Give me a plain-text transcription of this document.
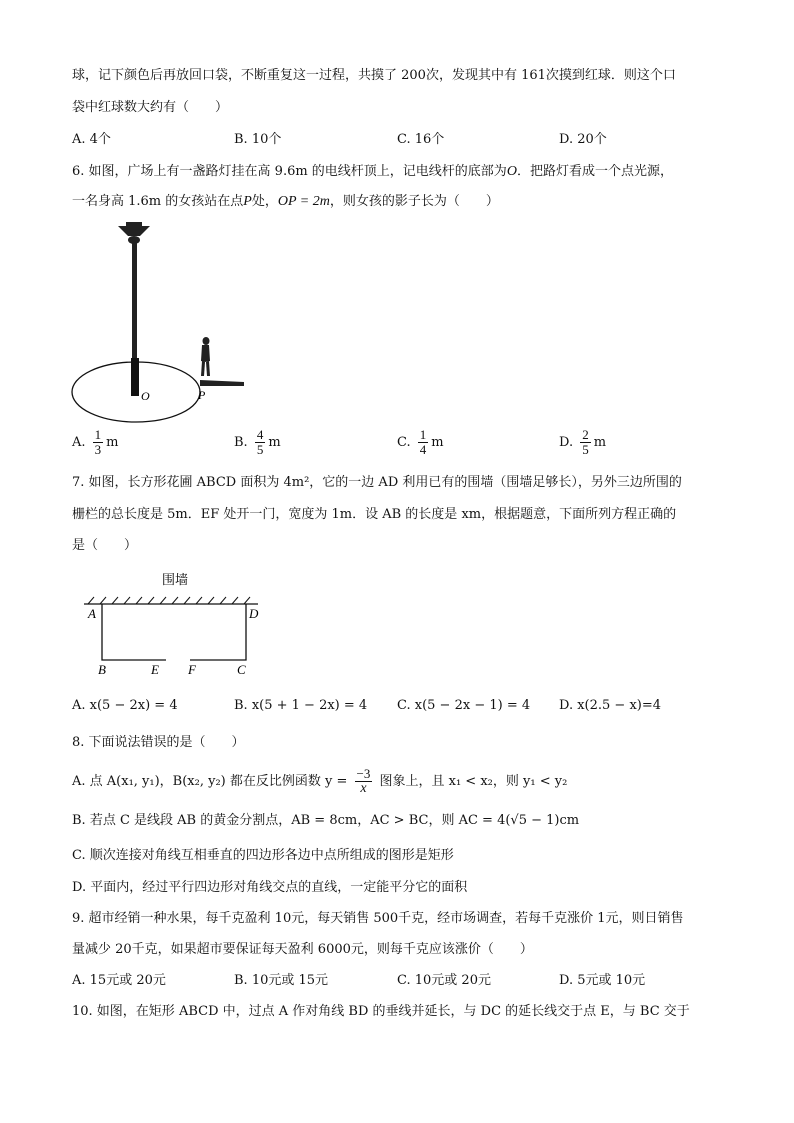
球，记下颜色后再放回口袋，不断重复这一过程，共摸了 200次，发现其中有 161次摸到红球．则这个口
袋中红球数大约有（　　）
A. 4个	B. 10个	C. 16个	D. 20个
6. 如图，广场上有一盏路灯挂在高 9.6m 的电线杆顶上，记电线杆的底部为O．把路灯看成一个点光源，
一名身高 1.6m 的女孩站在点P处，OP = 2m，则女孩的影子长为（　　）
O	P
A. $\frac{1}{3}$ m	B. $\frac{4}{5}$ m	C. $\frac{1}{4}$ m	D. $\frac{2}{5}$ m
7. 如图，长方形花圃 ABCD 面积为 4m²，它的一边 AD 利用已有的围墙（围墙足够长），另外三边所围的
栅栏的总长度是 5m．EF 处开一门，宽度为 1m．设 AB 的长度是 xm，根据题意，下面所列方程正确的
是（　　）
围墙
A	D
B	E F	C
A. x(5 − 2x) = 4	B. x(5 + 1 − 2x) = 4 C. x(5 − 2x − 1) = 4 D. x(2.5 − x)=4
8. 下面说法错误的是（　　）
A. 点 A(x₁, y₁)，B(x₂, y₂) 都在反比例函数 $y = \frac{-3}{x}$ 图象上，且 x₁ < x₂，则 y₁ < y₂
B. 若点 C 是线段 AB 的黄金分割点，AB = 8cm，AC > BC，则 AC = 4(√5 − 1)cm
C. 顺次连接对角线互相垂直的四边形各边中点所组成的图形是矩形
D. 平面内，经过平行四边形对角线交点的直线，一定能平分它的面积
9. 超市经销一种水果，每千克盈利 10元，每天销售 500千克，经市场调查，若每千克涨价 1元，则日销售
量减少 20千克，如果超市要保证每天盈利 6000元，则每千克应该涨价（　　）
A. 15元或 20元	B. 10元或 15元	C. 10元或 20元	D. 5元或 10元
10. 如图，在矩形 ABCD 中，过点 A 作对角线 BD 的垂线并延长，与 DC 的延长线交于点 E，与 BC 交于
